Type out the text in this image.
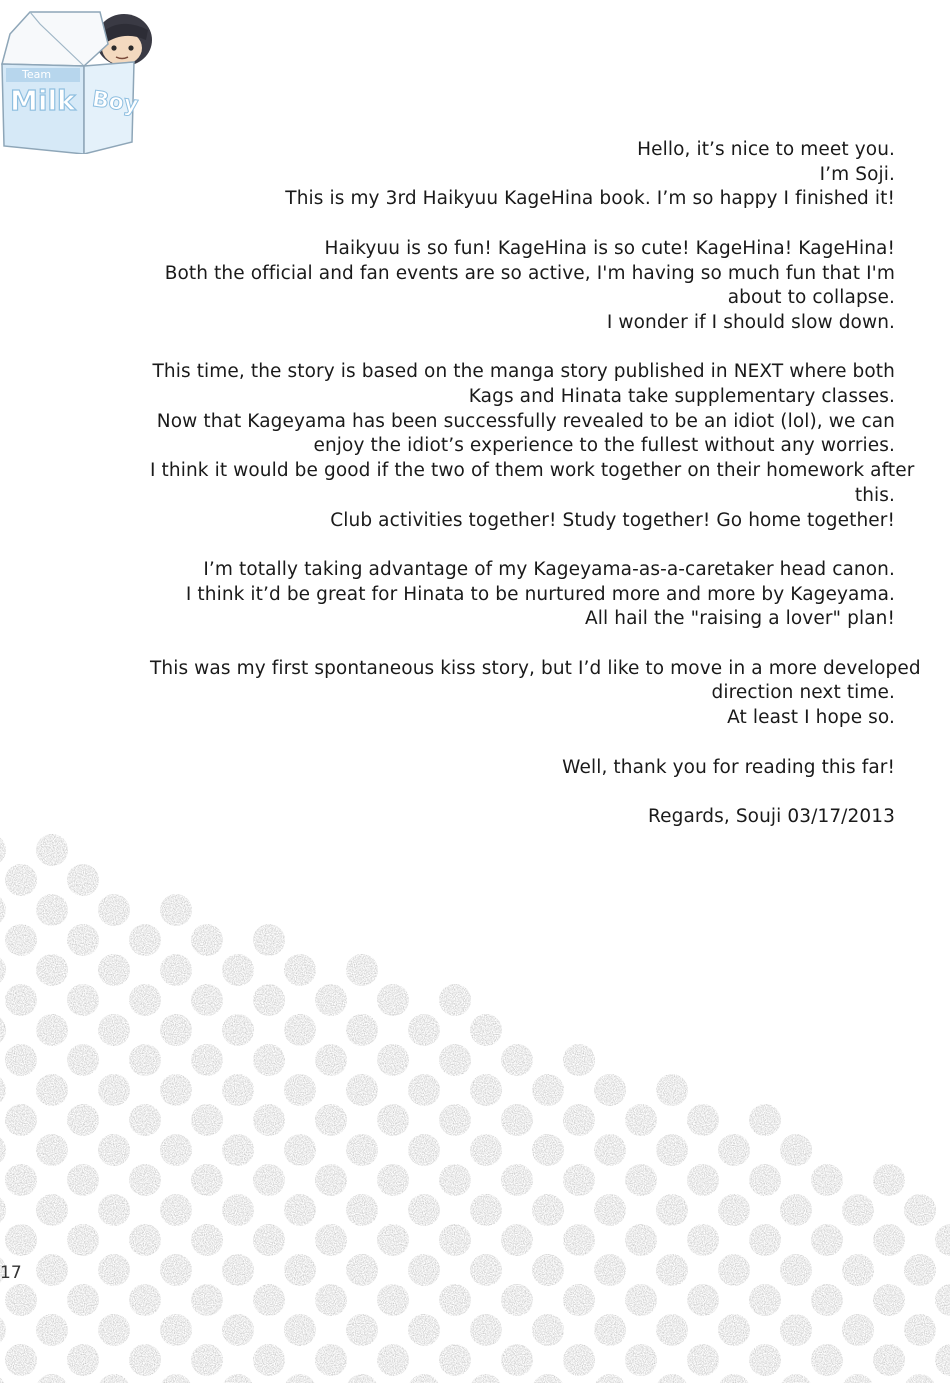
Team
Milk Boy
Hello, it’s nice to meet you.
I’m Soji.
This is my 3rd Haikyuu KageHina book. I’m so happy I finished it!
Haikyuu is so fun! KageHina is so cute! KageHina! KageHina!
Both the official and fan events are so active, I'm having so much fun that I'm
about to collapse.
I wonder if I should slow down.
This time, the story is based on the manga story published in NEXT where both
Kags and Hinata take supplementary classes.
Now that Kageyama has been successfully revealed to be an idiot (lol), we can
enjoy the idiot’s experience to the fullest without any worries.
I think it would be good if the two of them work together on their homework after
this.
Club activities together! Study together! Go home together!
I’m totally taking advantage of my Kageyama-as-a-caretaker head canon.
I think it’d be great for Hinata to be nurtured more and more by Kageyama.
All hail the "raising a lover" plan!
This was my first spontaneous kiss story, but I’d like to move in a more developed
direction next time.
At least I hope so.
Well, thank you for reading this far!
Regards, Souji 03/17/2013
17
